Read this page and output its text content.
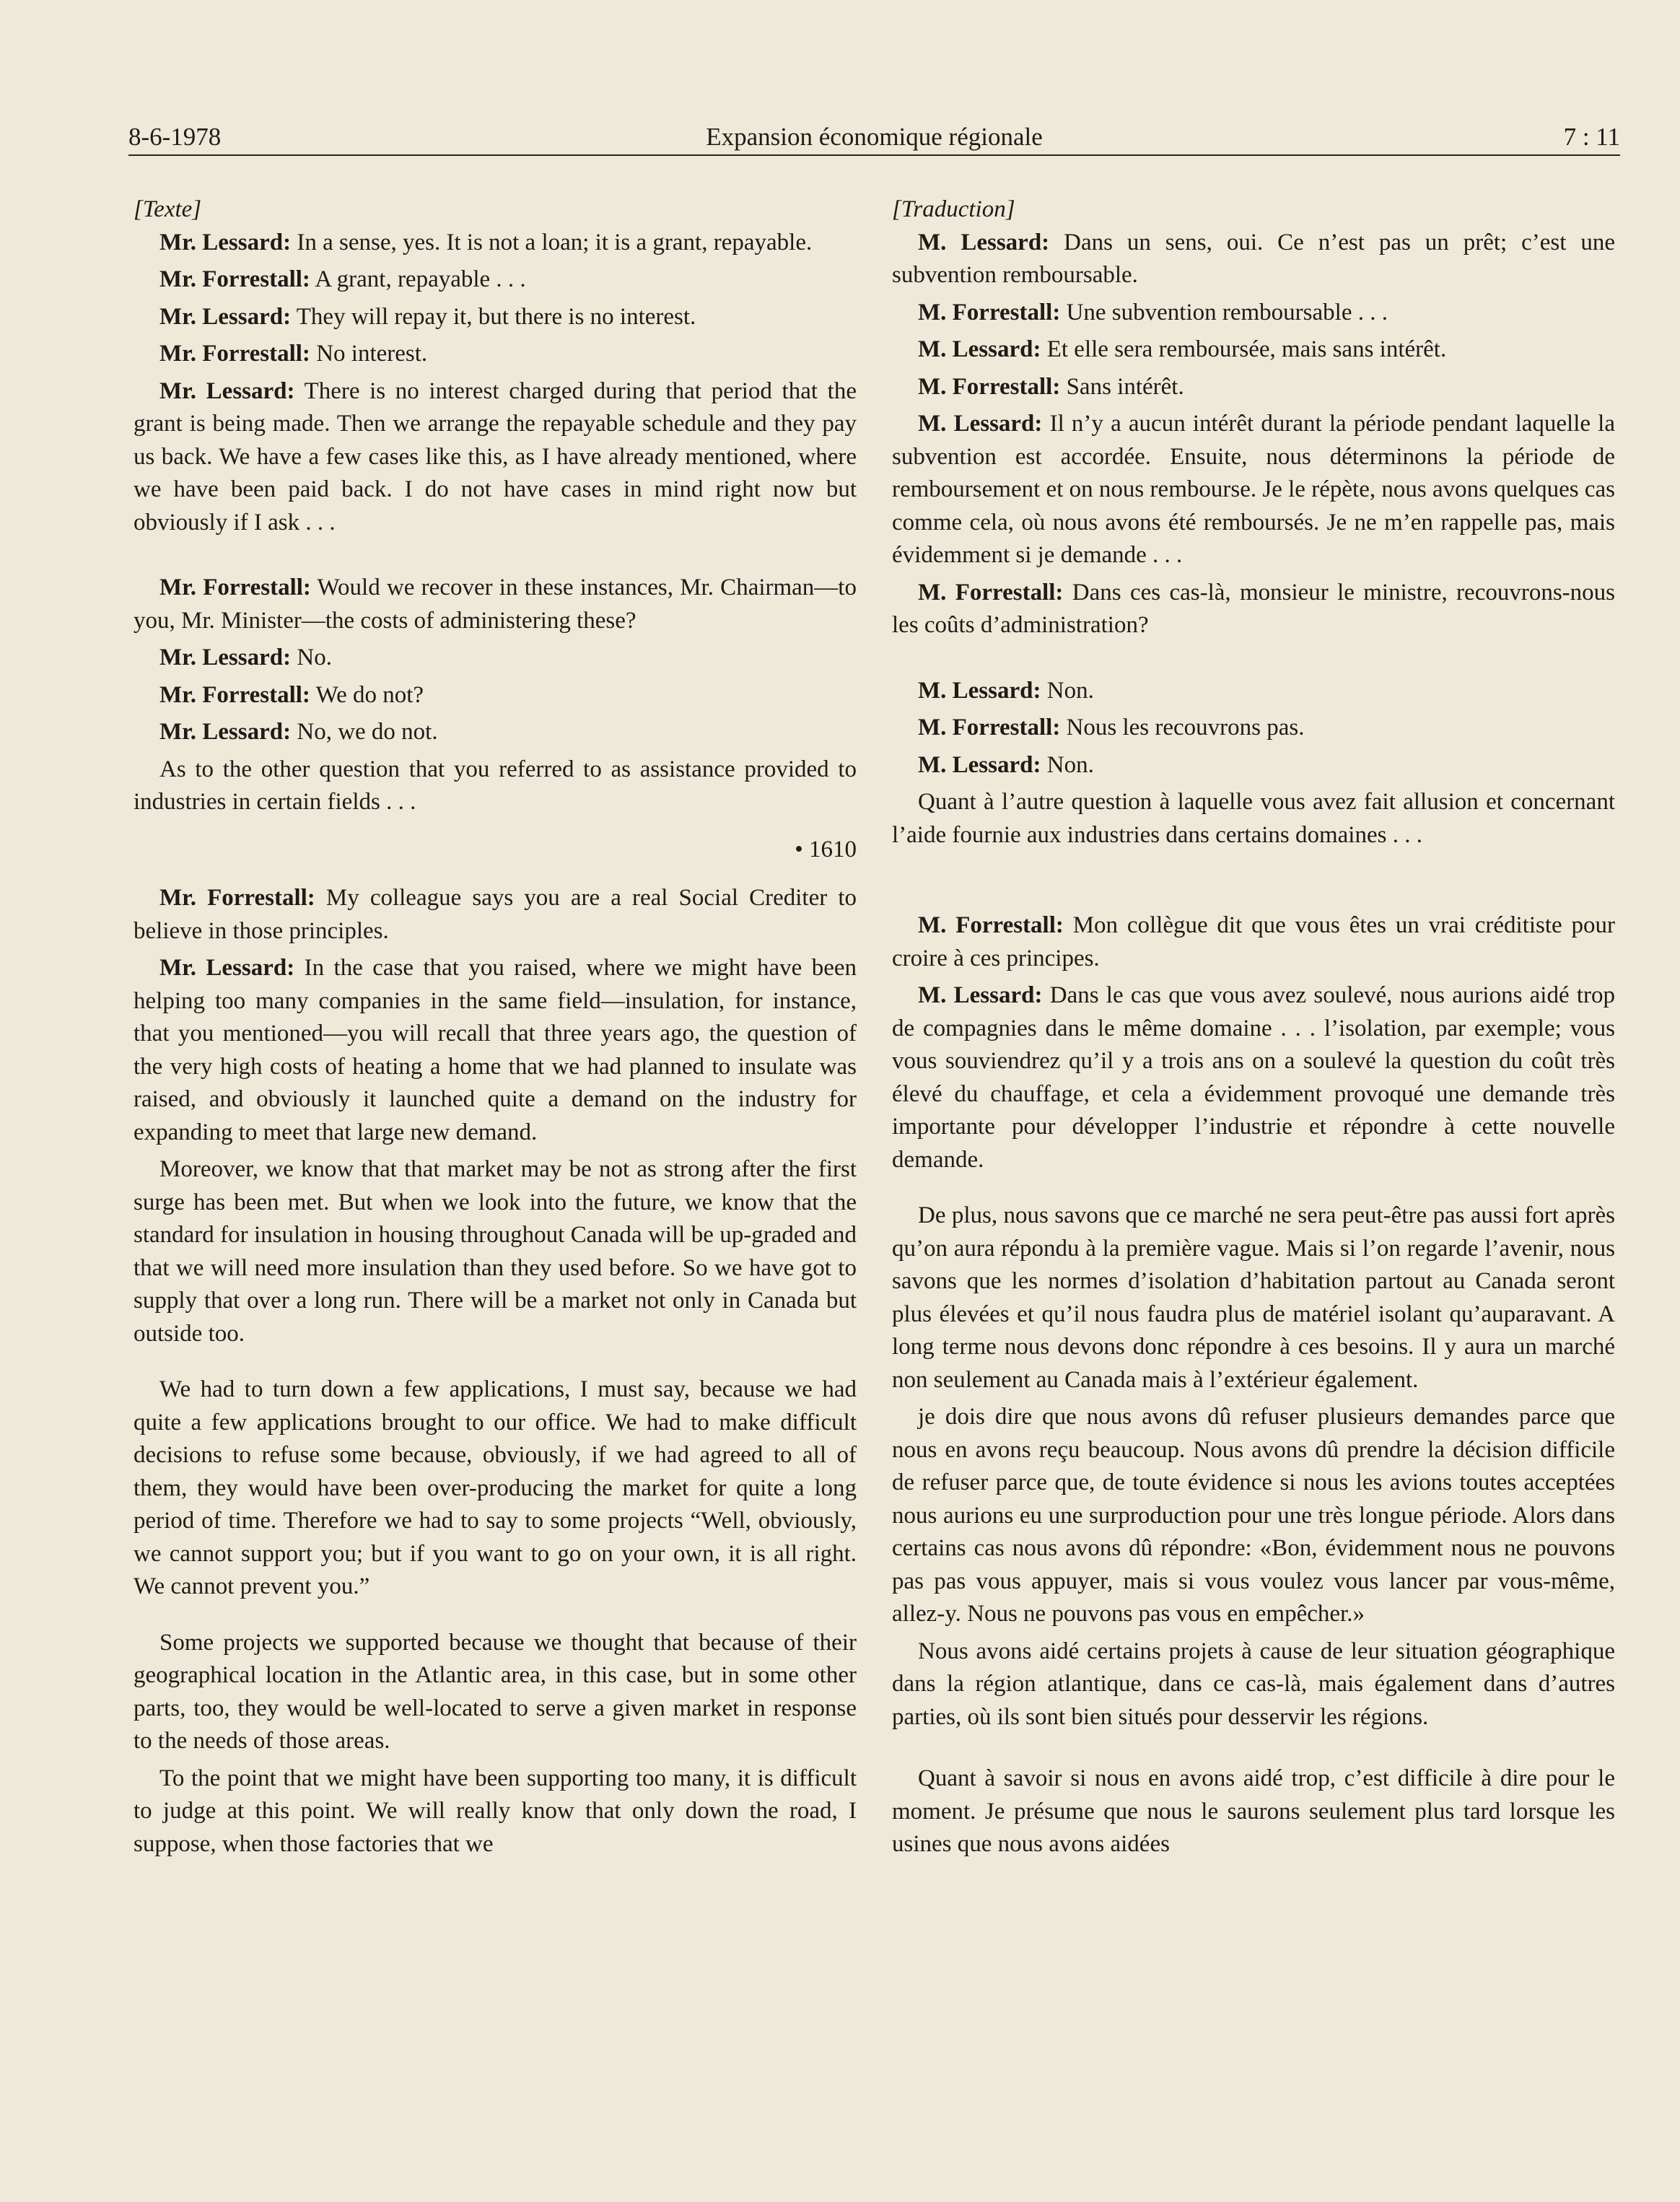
8-6-1978	Expansion économique régionale	7 : 11

[Texte]

Mr. Lessard: In a sense, yes. It is not a loan; it is a grant, repayable.

Mr. Forrestall: A grant, repayable . . .

Mr. Lessard: They will repay it, but there is no interest.

Mr. Forrestall: No interest.

Mr. Lessard: There is no interest charged during that period that the grant is being made. Then we arrange the repayable schedule and they pay us back. We have a few cases like this, as I have already mentioned, where we have been paid back. I do not have cases in mind right now but obviously if I ask . . .

Mr. Forrestall: Would we recover in these instances, Mr. Chairman—to you, Mr. Minister—the costs of administering these?

Mr. Lessard: No.

Mr. Forrestall: We do not?

Mr. Lessard: No, we do not.

As to the other question that you referred to as assistance provided to industries in certain fields . . .

• 1610

Mr. Forrestall: My colleague says you are a real Social Crediter to believe in those principles.

Mr. Lessard: In the case that you raised, where we might have been helping too many companies in the same field—insulation, for instance, that you mentioned—you will recall that three years ago, the question of the very high costs of heating a home that we had planned to insulate was raised, and obviously it launched quite a demand on the industry for expanding to meet that large new demand.

Moreover, we know that that market may be not as strong after the first surge has been met. But when we look into the future, we know that the standard for insulation in housing throughout Canada will be up-graded and that we will need more insulation than they used before. So we have got to supply that over a long run. There will be a market not only in Canada but outside too.

We had to turn down a few applications, I must say, because we had quite a few applications brought to our office. We had to make difficult decisions to refuse some because, obviously, if we had agreed to all of them, they would have been over-producing the market for quite a long period of time. Therefore we had to say to some projects “Well, obviously, we cannot support you; but if you want to go on your own, it is all right. We cannot prevent you.”

Some projects we supported because we thought that because of their geographical location in the Atlantic area, in this case, but in some other parts, too, they would be well-located to serve a given market in response to the needs of those areas.

To the point that we might have been supporting too many, it is difficult to judge at this point. We will really know that only down the road, I suppose, when those factories that we

[Traduction]

M. Lessard: Dans un sens, oui. Ce n’est pas un prêt; c’est une subvention remboursable.

M. Forrestall: Une subvention remboursable . . .

M. Lessard: Et elle sera remboursée, mais sans intérêt.

M. Forrestall: Sans intérêt.

M. Lessard: Il n’y a aucun intérêt durant la période pendant laquelle la subvention est accordée. Ensuite, nous déterminons la période de remboursement et on nous rembourse. Je le répète, nous avons quelques cas comme cela, où nous avons été remboursés. Je ne m’en rappelle pas, mais évidemment si je demande . . .

M. Forrestall: Dans ces cas-là, monsieur le ministre, recouvrons-nous les coûts d’administration?

M. Lessard: Non.

M. Forrestall: Nous les recouvrons pas.

M. Lessard: Non.

Quant à l’autre question à laquelle vous avez fait allusion et concernant l’aide fournie aux industries dans certains domaines . . .

M. Forrestall: Mon collègue dit que vous êtes un vrai créditiste pour croire à ces principes.

M. Lessard: Dans le cas que vous avez soulevé, nous aurions aidé trop de compagnies dans le même domaine . . . l’isolation, par exemple; vous vous souviendrez qu’il y a trois ans on a soulevé la question du coût très élevé du chauffage, et cela a évidemment provoqué une demande très importante pour développer l’industrie et répondre à cette nouvelle demande.

De plus, nous savons que ce marché ne sera peut-être pas aussi fort après qu’on aura répondu à la première vague. Mais si l’on regarde l’avenir, nous savons que les normes d’isolation d’habitation partout au Canada seront plus élevées et qu’il nous faudra plus de matériel isolant qu’auparavant. A long terme nous devons donc répondre à ces besoins. Il y aura un marché non seulement au Canada mais à l’extérieur également.

je dois dire que nous avons dû refuser plusieurs demandes parce que nous en avons reçu beaucoup. Nous avons dû prendre la décision difficile de refuser parce que, de toute évidence si nous les avions toutes acceptées nous aurions eu une surproduction pour une très longue période. Alors dans certains cas nous avons dû répondre: «Bon, évidemment nous ne pouvons pas pas vous appuyer, mais si vous voulez vous lancer par vous-même, allez-y. Nous ne pouvons pas vous en empêcher.»

Nous avons aidé certains projets à cause de leur situation géographique dans la région atlantique, dans ce cas-là, mais également dans d’autres parties, où ils sont bien situés pour desservir les régions.

Quant à savoir si nous en avons aidé trop, c’est difficile à dire pour le moment. Je présume que nous le saurons seulement plus tard lorsque les usines que nous avons aidées
